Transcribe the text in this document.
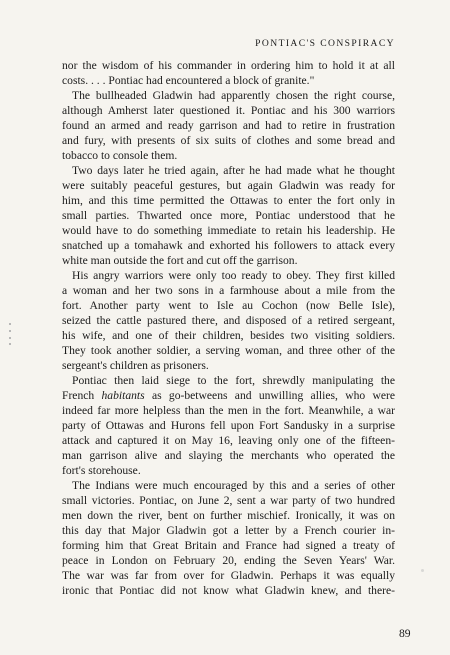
PONTIAC'S CONSPIRACY
nor the wisdom of his commander in ordering him to hold it at all
costs. . . . Pontiac had encountered a block of granite."
The bullheaded Gladwin had apparently chosen the right course,
although Amherst later questioned it. Pontiac and his 300 warriors
found an armed and ready garrison and had to retire in frustration
and fury, with presents of six suits of clothes and some bread and
tobacco to console them.
Two days later he tried again, after he had made what he thought
were suitably peaceful gestures, but again Gladwin was ready for
him, and this time permitted the Ottawas to enter the fort only in
small parties. Thwarted once more, Pontiac understood that he
would have to do something immediate to retain his leadership. He
snatched up a tomahawk and exhorted his followers to attack every
white man outside the fort and cut off the garrison.
His angry warriors were only too ready to obey. They first killed
a woman and her two sons in a farmhouse about a mile from the
fort. Another party went to Isle au Cochon (now Belle Isle),
seized the cattle pastured there, and disposed of a retired sergeant,
his wife, and one of their children, besides two visiting soldiers.
They took another soldier, a serving woman, and three other of the
sergeant's children as prisoners.
Pontiac then laid siege to the fort, shrewdly manipulating the
French habitants as go-betweens and unwilling allies, who were
indeed far more helpless than the men in the fort. Meanwhile, a war
party of Ottawas and Hurons fell upon Fort Sandusky in a surprise
attack and captured it on May 16, leaving only one of the fifteen-
man garrison alive and slaying the merchants who operated the
fort's storehouse.
The Indians were much encouraged by this and a series of other
small victories. Pontiac, on June 2, sent a war party of two hundred
men down the river, bent on further mischief. Ironically, it was on
this day that Major Gladwin got a letter by a French courier in-
forming him that Great Britain and France had signed a treaty of
peace in London on February 20, ending the Seven Years' War.
The war was far from over for Gladwin. Perhaps it was equally
ironic that Pontiac did not know what Gladwin knew, and there-
89
